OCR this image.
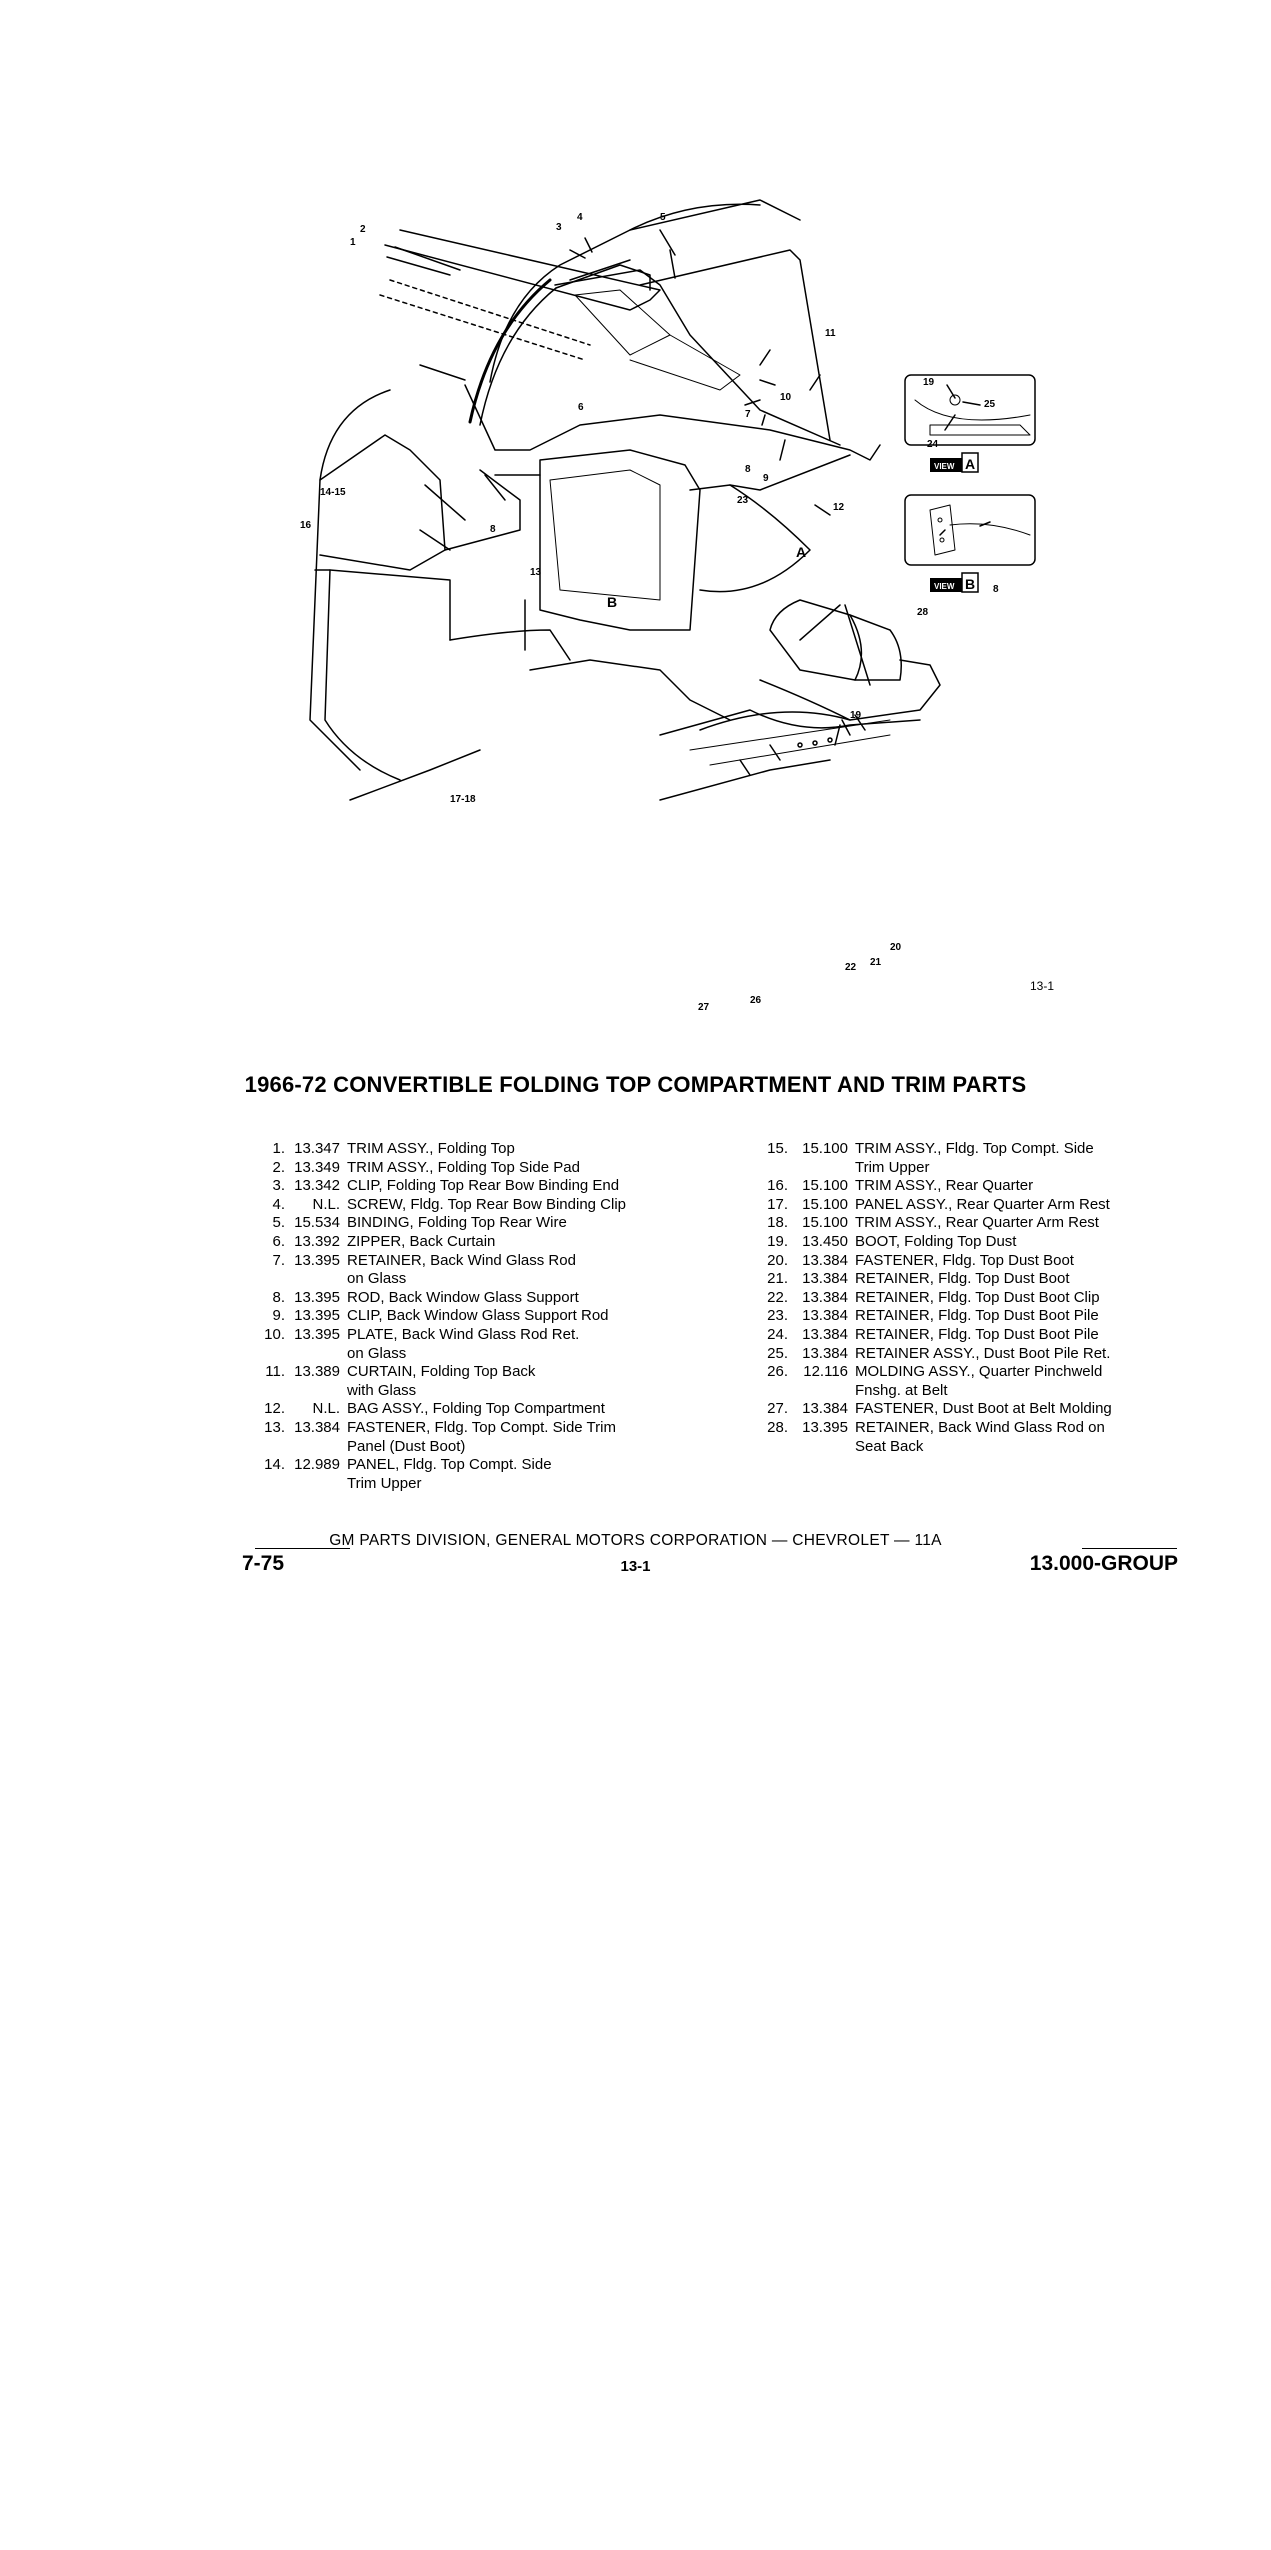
2
1
3
4	5
6
7
8
9
10
11
12
13
14-15
16
17-18
19
20
21
22
23
24
25
26
27
28
8
8
19
A
B
VIEW A
VIEW B
13-1
1966-72 CONVERTIBLE FOLDING TOP COMPARTMENT AND TRIM PARTS
1. 13.347 TRIM ASSY., Folding Top
2. 13.349 TRIM ASSY., Folding Top Side Pad
3. 13.342 CLIP, Folding Top Rear Bow Binding End
4.	N.L. SCREW, Fldg. Top Rear Bow Binding Clip
5. 15.534 BINDING, Folding Top Rear Wire
6. 13.392 ZIPPER, Back Curtain
7. 13.395 RETAINER, Back Wind Glass Rod
on Glass
8. 13.395 ROD, Back Window Glass Support
9. 13.395 CLIP, Back Window Glass Support Rod
10. 13.395 PLATE, Back Wind Glass Rod Ret.
on Glass
11. 13.389 CURTAIN, Folding Top Back
with Glass
12.	N.L. BAG ASSY., Folding Top Compartment
13. 13.384 FASTENER, Fldg. Top Compt. Side Trim
Panel (Dust Boot)
14. 12.989 PANEL, Fldg. Top Compt. Side
Trim Upper
15. 15.100 TRIM ASSY., Fldg. Top Compt. Side
Trim Upper
16. 15.100 TRIM ASSY., Rear Quarter
17. 15.100 PANEL ASSY., Rear Quarter Arm Rest
18. 15.100 TRIM ASSY., Rear Quarter Arm Rest
19. 13.450 BOOT, Folding Top Dust
20. 13.384 FASTENER, Fldg. Top Dust Boot
21. 13.384 RETAINER, Fldg. Top Dust Boot
22. 13.384 RETAINER, Fldg. Top Dust Boot Clip
23. 13.384 RETAINER, Fldg. Top Dust Boot Pile
24. 13.384 RETAINER, Fldg. Top Dust Boot Pile
25. 13.384 RETAINER ASSY., Dust Boot Pile Ret.
26.	12.116 MOLDING ASSY., Quarter Pinchweld
Fnshg. at Belt
27. 13.384 FASTENER, Dust Boot at Belt Molding
28. 13.395 RETAINER, Back Wind Glass Rod on
Seat Back
GM PARTS DIVISION, GENERAL MOTORS CORPORATION — CHEVROLET — 11A
7-75	13-1	13.000-GROUP
